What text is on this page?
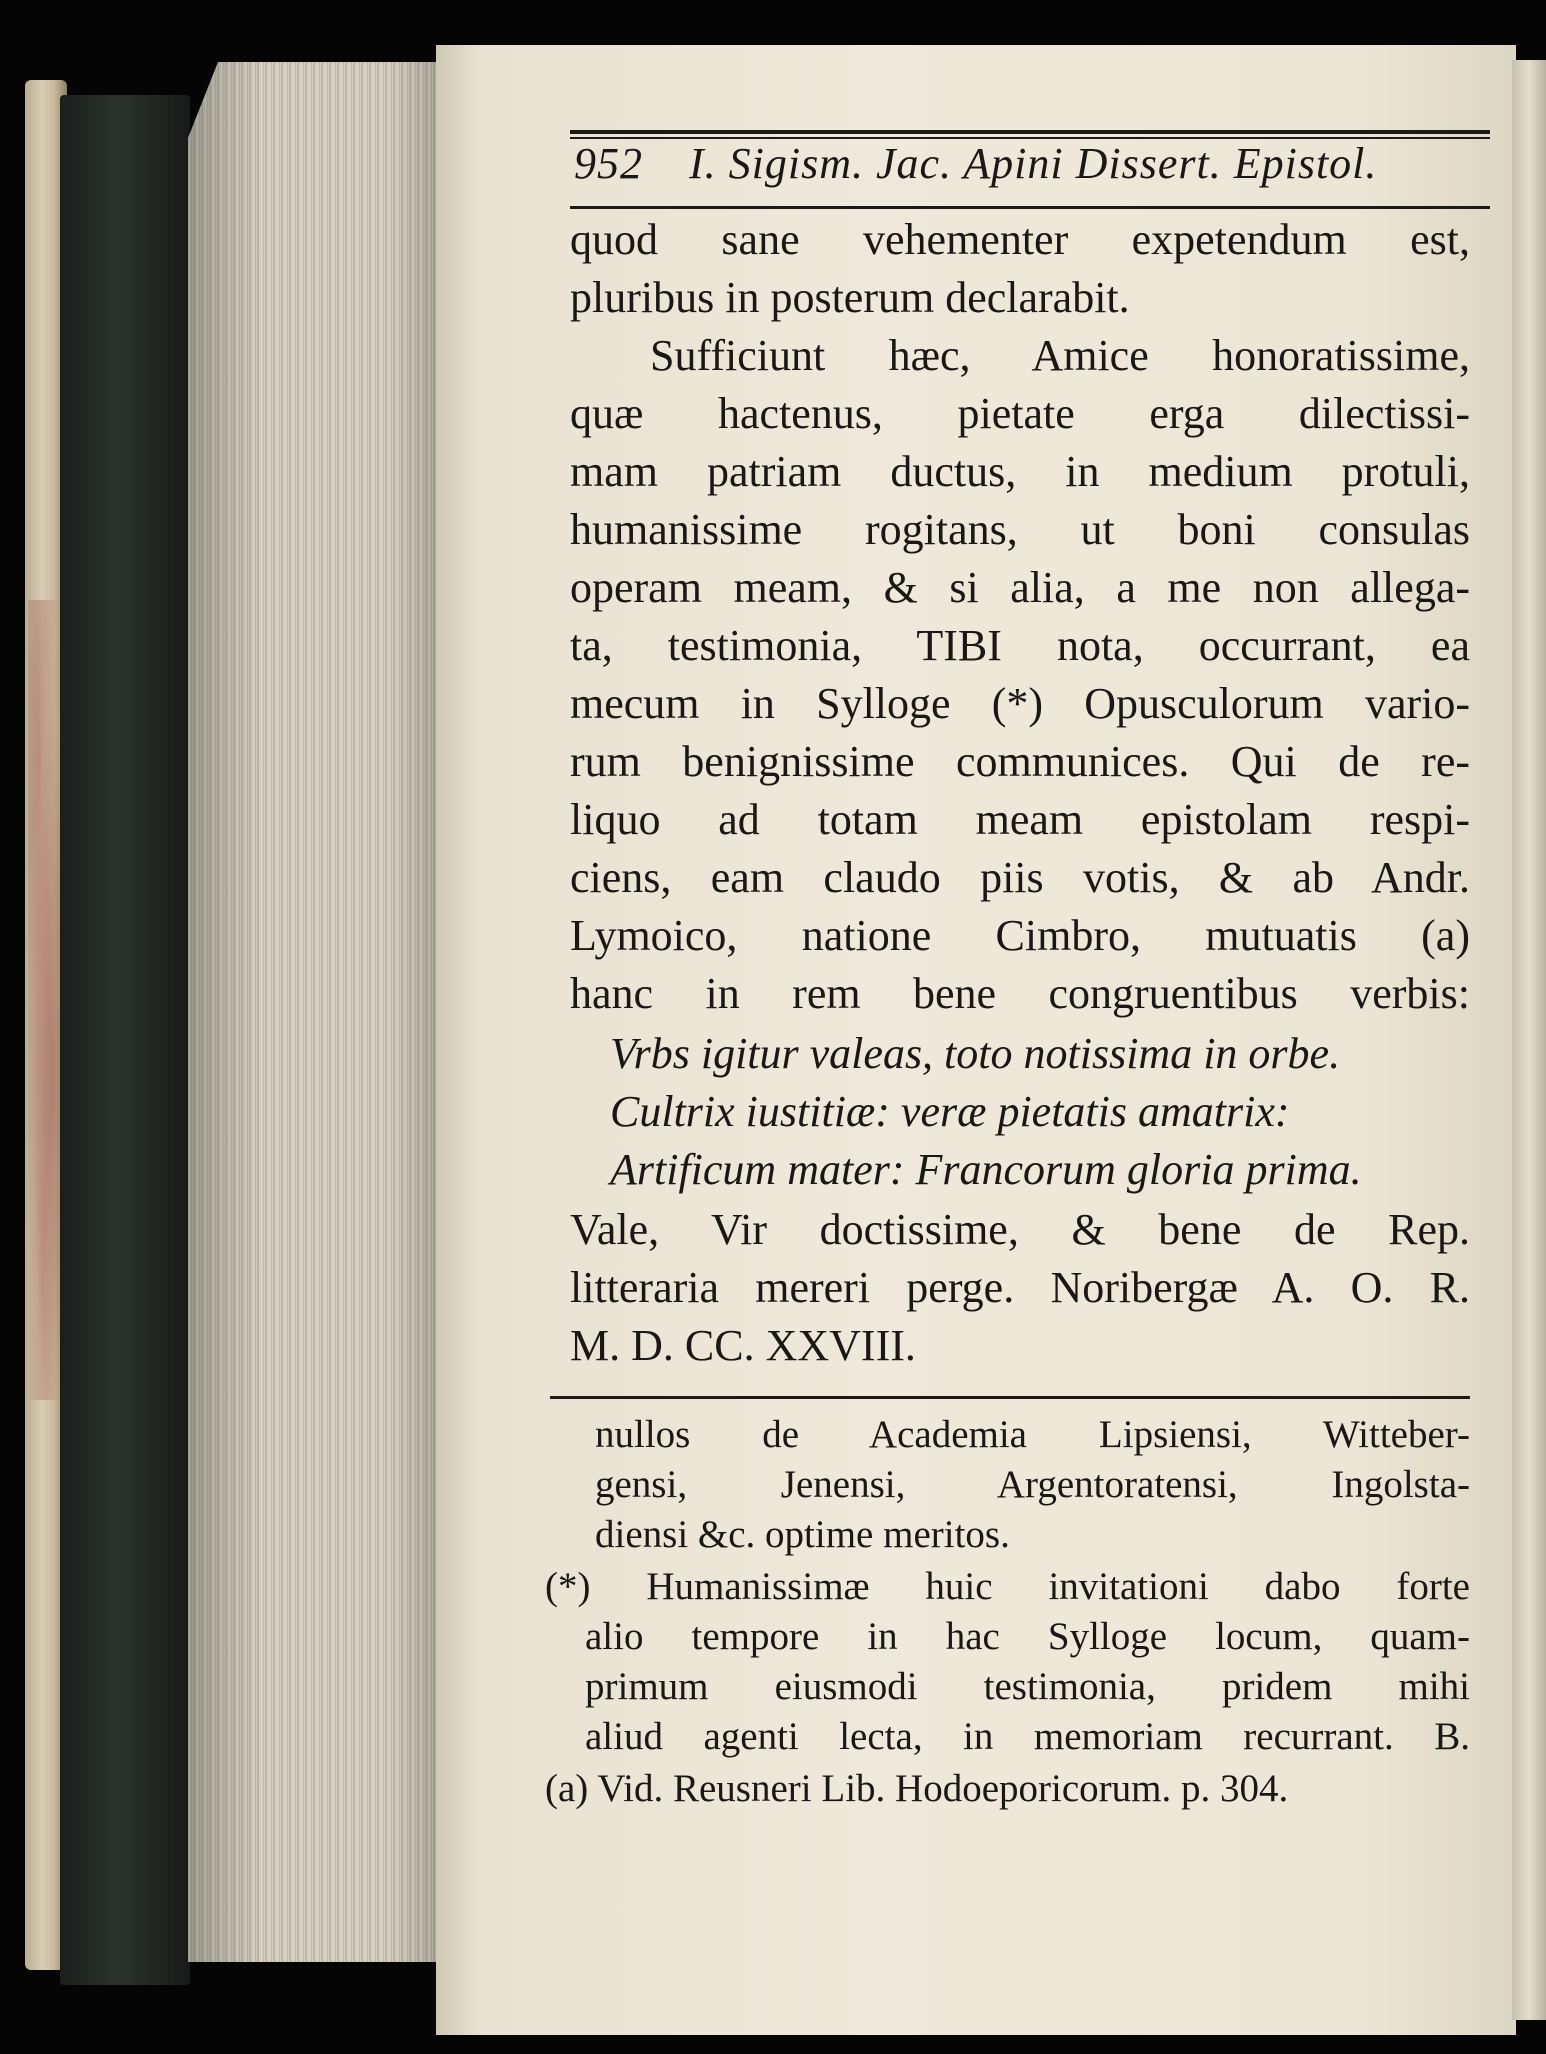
952 I. Sigism. Jac. Apini Dissert. Epistol.
quod sane vehementer expetendum est,
pluribus in posterum declarabit.
Sufficiunt hæc, Amice honoratissime,
quæ hactenus, pietate erga dilectissi-
mam patriam ductus, in medium protuli,
humanissime rogitans, ut boni consulas
operam meam, & si alia, a me non allega-
ta, testimonia, TIBI nota, occurrant, ea
mecum in Sylloge (*) Opusculorum vario-
rum benignissime communices. Qui de re-
liquo ad totam meam epistolam respi-
ciens, eam claudo piis votis, & ab Andr.
Lymoico, natione Cimbro, mutuatis (a)
hanc in rem bene congruentibus verbis:
Vrbs igitur valeas, toto notissima in orbe.
Cultrix iustitiæ: veræ pietatis amatrix:
Artificum mater: Francorum gloria prima.
Vale, Vir doctissime, & bene de Rep.
litteraria mereri perge. Noribergæ A. O. R.
M. D. CC. XXVIII.
nullos de Academia Lipsiensi, Witteber-
gensi, Jenensi, Argentoratensi, Ingolsta-
diensi &c. optime meritos.
(*) Humanissimæ huic invitationi dabo forte
alio tempore in hac Sylloge locum, quam-
primum eiusmodi testimonia, pridem mihi
aliud agenti lecta, in memoriam recurrant. B.
(a) Vid. Reusneri Lib. Hodoeporicorum. p. 304.
